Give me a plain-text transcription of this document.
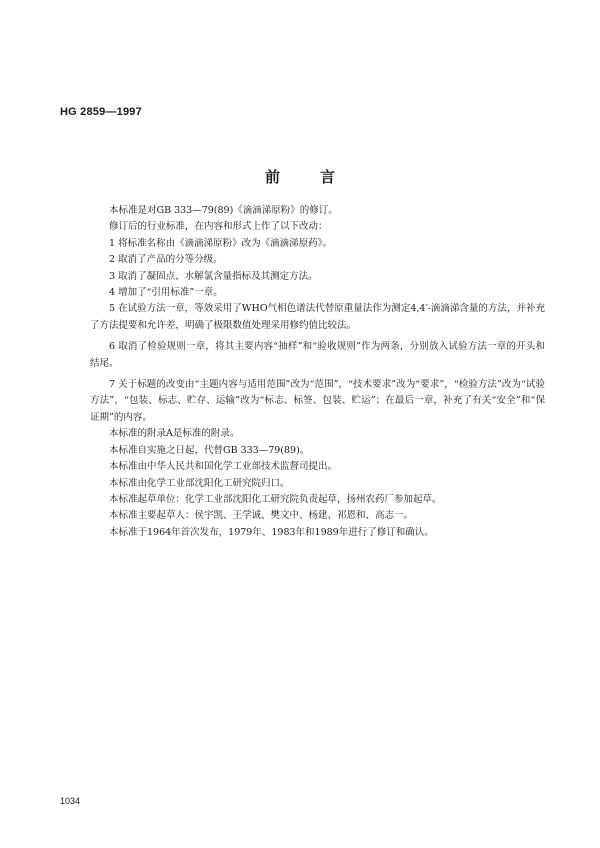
HG 2859—1997
前言

本标准是对GB 333—79(89)《滴滴涕原粉》的修订。

修订后的行业标准，在内容和形式上作了以下改动：

1 将标准名称由《滴滴涕原粉》改为《滴滴涕原药》。

2 取消了产品的分等分级。

3 取消了凝固点、水解氯含量指标及其测定方法。

4 增加了“引用标准”一章。

5 在试验方法一章，等效采用了WHO气相色谱法代替原重量法作为测定4,4′-滴滴涕含量的方法，并补充了方法提要和允许差，明确了极限数值处理采用修约值比较法。

6 取消了检验规则一章，将其主要内容“抽样”和“验收规则”作为两条，分别放入试验方法一章的开头和结尾。

7 关于标题的改变由“主题内容与适用范围”改为“范围”，“技术要求”改为“要求”，“检验方法”改为“试验方法”，“包装、标志、贮存、运输”改为“标志、标签、包装、贮运”；在最后一章，补充了有关“安全”和“保证期”的内容。

本标准的附录A是标准的附录。

本标准自实施之日起，代替GB 333—79(89)。

本标准由中华人民共和国化学工业部技术监督司提出。

本标准由化学工业部沈阳化工研究院归口。

本标准起草单位：化学工业部沈阳化工研究院负责起草，扬州农药厂参加起草。

本标准主要起草人：侯宇凯、王学诚、樊文中、杨建、祁恩和、高志一。

本标准于1964年首次发布，1979年、1983年和1989年进行了修订和确认。

1034
